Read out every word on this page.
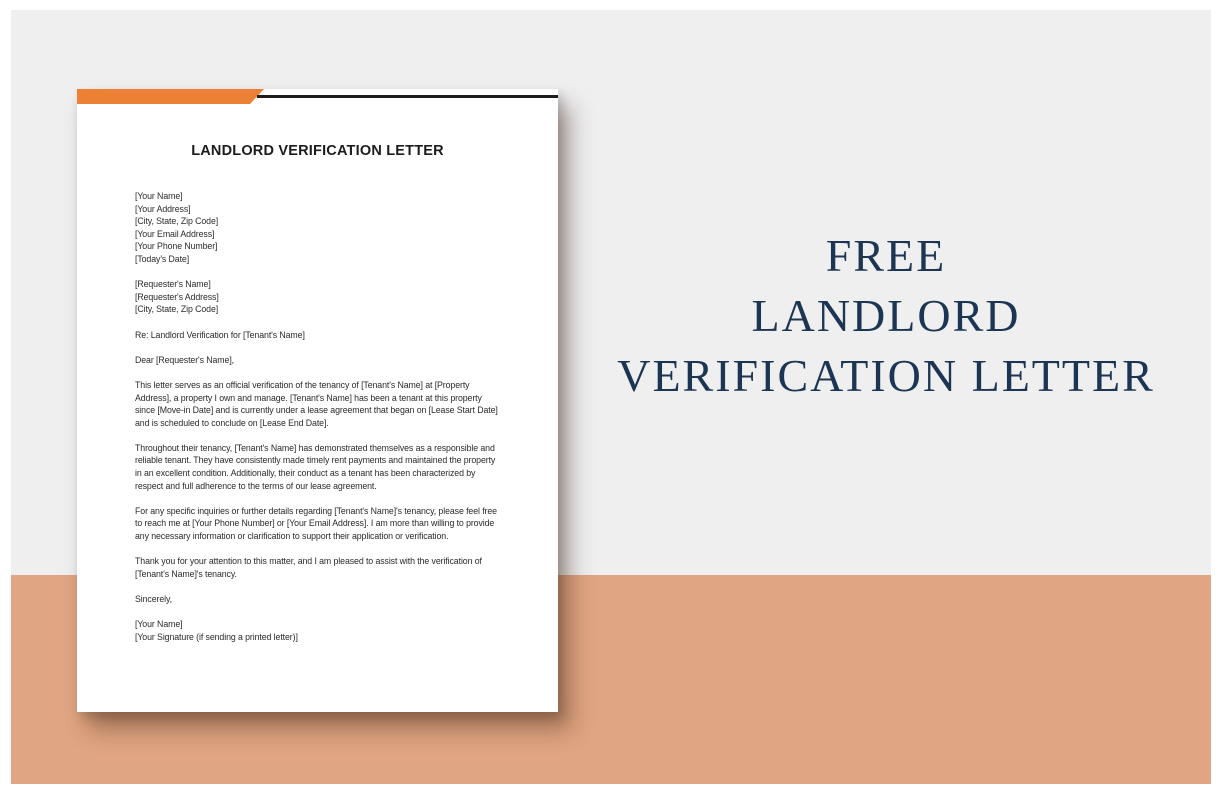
LANDLORD VERIFICATION LETTER
[Your Name]
[Your Address]
[City, State, Zip Code]
[Your Email Address]
[Your Phone Number]
[Today's Date]
[Requester's Name]
[Requester's Address]
[City, State, Zip Code]
Re: Landlord Verification for [Tenant's Name]
Dear [Requester's Name],
This letter serves as an official verification of the tenancy of [Tenant's Name] at [Property Address], a property I own and manage. [Tenant's Name] has been a tenant at this property since [Move-in Date] and is currently under a lease agreement that began on [Lease Start Date] and is scheduled to conclude on [Lease End Date].
Throughout their tenancy, [Tenant's Name] has demonstrated themselves as a responsible and reliable tenant. They have consistently made timely rent payments and maintained the property in an excellent condition. Additionally, their conduct as a tenant has been characterized by respect and full adherence to the terms of our lease agreement.
For any specific inquiries or further details regarding [Tenant's Name]'s tenancy, please feel free to reach me at [Your Phone Number] or [Your Email Address]. I am more than willing to provide any necessary information or clarification to support their application or verification.
Thank you for your attention to this matter, and I am pleased to assist with the verification of [Tenant's Name]'s tenancy.
Sincerely,
[Your Name]
[Your Signature (if sending a printed letter)]
FREE
LANDLORD
VERIFICATION LETTER
